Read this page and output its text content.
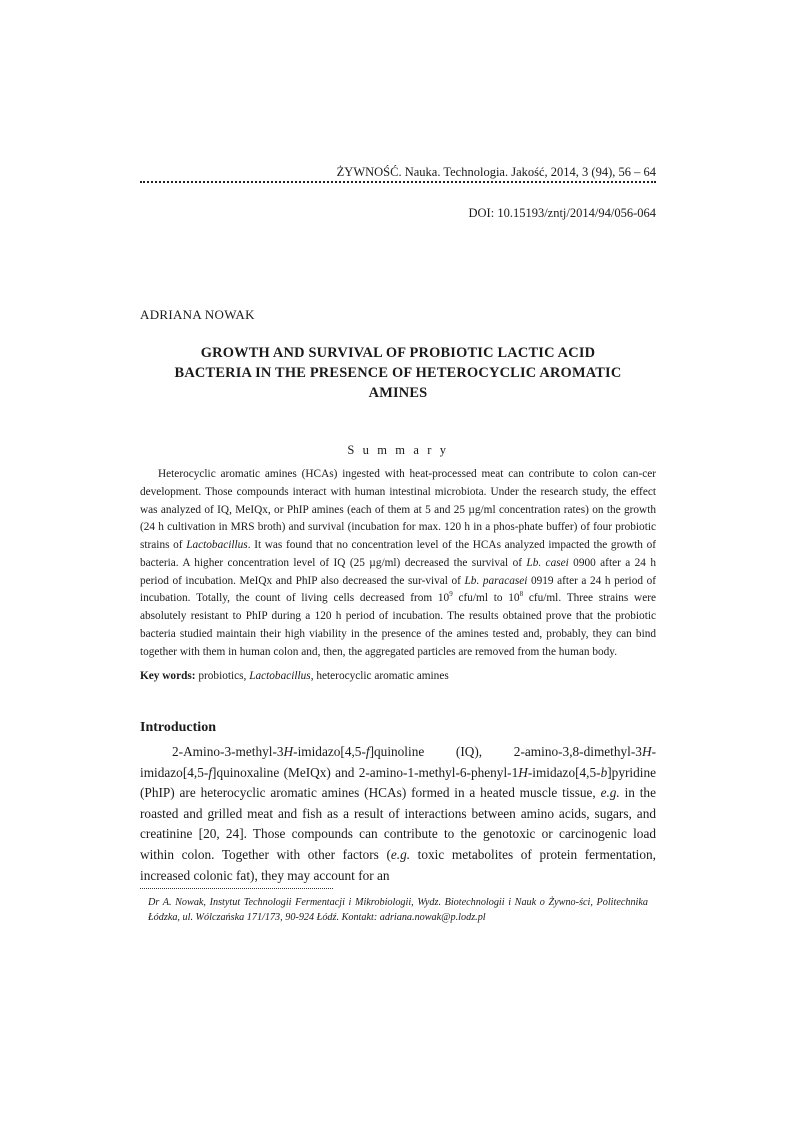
ŻYWNOŚĆ. Nauka. Technologia. Jakość, 2014, 3 (94), 56 – 64
DOI: 10.15193/zntj/2014/94/056-064
ADRIANA NOWAK
GROWTH AND SURVIVAL OF PROBIOTIC LACTIC ACID
BACTERIA IN THE PRESENCE OF HETEROCYCLIC AROMATIC
AMINES
S u m m a r y

Heterocyclic aromatic amines (HCAs) ingested with heat-processed meat can contribute to colon can-cer development. Those compounds interact with human intestinal microbiota. Under the research study, the effect was analyzed of IQ, MeIQx, or PhIP amines (each of them at 5 and 25 µg/ml concentration rates) on the growth (24 h cultivation in MRS broth) and survival (incubation for max. 120 h in a phos-phate buffer) of four probiotic strains of Lactobacillus. It was found that no concentration level of the HCAs analyzed impacted the growth of bacteria. A higher concentration level of IQ (25 µg/ml) decreased the survival of Lb. casei 0900 after a 24 h period of incubation. MeIQx and PhIP also decreased the sur-vival of Lb. paracasei 0919 after a 24 h period of incubation. Totally, the count of living cells decreased from $10^9$ cfu/ml to $10^8$ cfu/ml. Three strains were absolutely resistant to PhIP during a 120 h period of incubation. The results obtained prove that the probiotic bacteria studied maintain their high viability in the presence of the amines tested and, probably, they can bind together with them in human colon and, then, the aggregated particles are removed from the human body.

Key words: probiotics, Lactobacillus, heterocyclic aromatic amines
Introduction

2-Amino-3-methyl-3H-imidazo[4,5-f]quinoline (IQ), 2-amino-3,8-dimethyl-3H-imidazo[4,5-f]quinoxaline (MeIQx) and 2-amino-1-methyl-6-phenyl-1H-imidazo[4,5-b]pyridine (PhIP) are heterocyclic aromatic amines (HCAs) formed in a heated muscle tissue, e.g. in the roasted and grilled meat and fish as a result of interactions between amino acids, sugars, and creatinine [20, 24]. Those compounds can contribute to the genotoxic or carcinogenic load within colon. Together with other factors (e.g. toxic metabolites of protein fermentation, increased colonic fat), they may account for an

Dr A. Nowak, Instytut Technologii Fermentacji i Mikrobiologii, Wydz. Biotechnologii i Nauk o Żywno-ści, Politechnika Łódzka, ul. Wólczańska 171/173, 90-924 Łódź. Kontakt: adriana.nowak@p.lodz.pl
